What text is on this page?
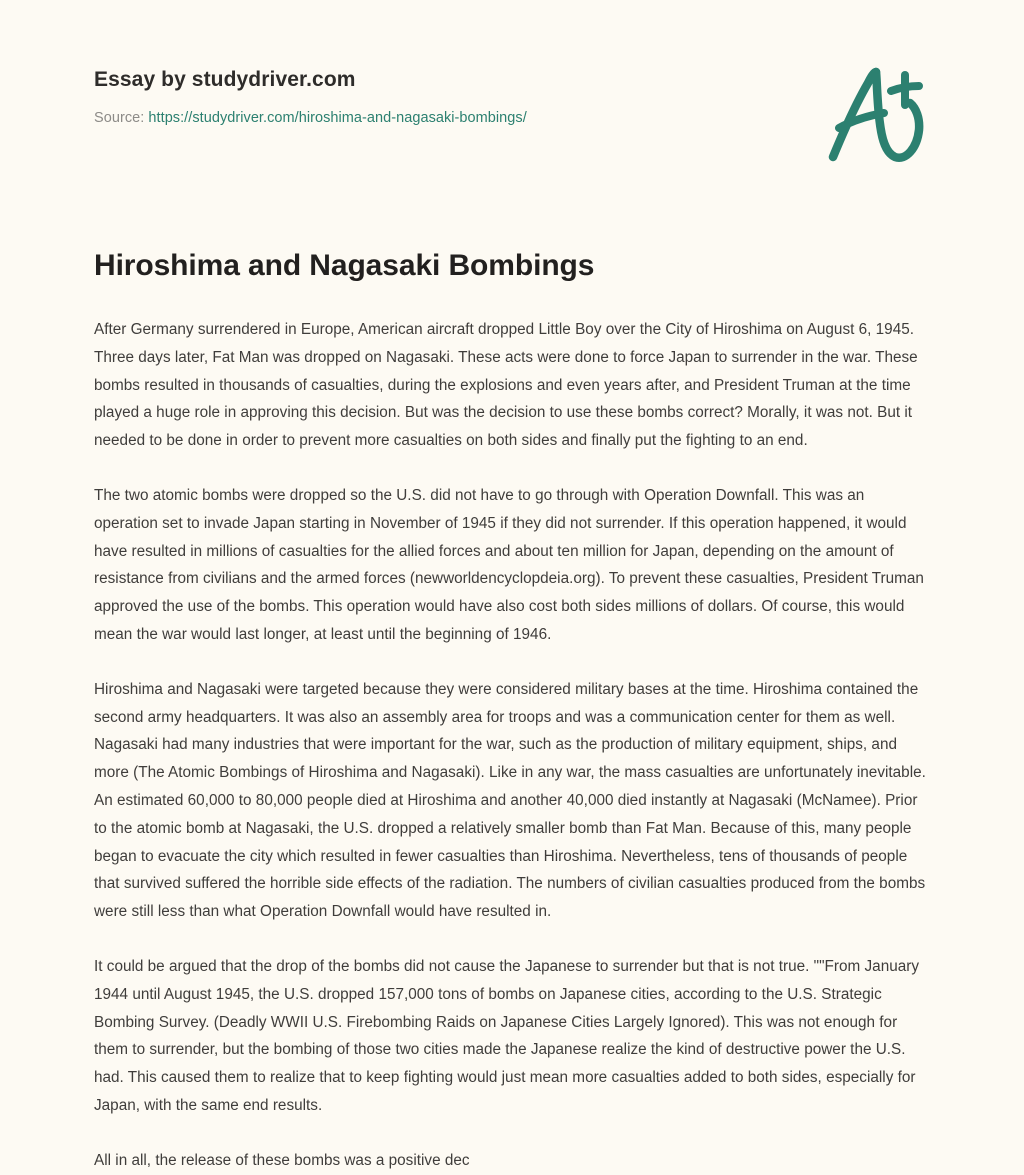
Essay by studydriver.com
Source: https://studydriver.com/hiroshima-and-nagasaki-bombings/
Hiroshima and Nagasaki Bombings

After Germany surrendered in Europe, American aircraft dropped Little Boy over the City of Hiroshima on August 6, 1945. Three days later, Fat Man was dropped on Nagasaki. These acts were done to force Japan to surrender in the war. These bombs resulted in thousands of casualties, during the explosions and even years after, and President Truman at the time played a huge role in approving this decision. But was the decision to use these bombs correct? Morally, it was not. But it needed to be done in order to prevent more casualties on both sides and finally put the fighting to an end.

The two atomic bombs were dropped so the U.S. did not have to go through with Operation Downfall. This was an operation set to invade Japan starting in November of 1945 if they did not surrender. If this operation happened, it would have resulted in millions of casualties for the allied forces and about ten million for Japan, depending on the amount of resistance from civilians and the armed forces (newworldencyclopdeia.org). To prevent these casualties, President Truman approved the use of the bombs. This operation would have also cost both sides millions of dollars. Of course, this would mean the war would last longer, at least until the beginning of 1946.

Hiroshima and Nagasaki were targeted because they were considered military bases at the time. Hiroshima contained the second army headquarters. It was also an assembly area for troops and was a communication center for them as well. Nagasaki had many industries that were important for the war, such as the production of military equipment, ships, and more (The Atomic Bombings of Hiroshima and Nagasaki). Like in any war, the mass casualties are unfortunately inevitable. An estimated 60,000 to 80,000 people died at Hiroshima and another 40,000 died instantly at Nagasaki (McNamee). Prior to the atomic bomb at Nagasaki, the U.S. dropped a relatively smaller bomb than Fat Man. Because of this, many people began to evacuate the city which resulted in fewer casualties than Hiroshima. Nevertheless, tens of thousands of people that survived suffered the horrible side effects of the radiation. The numbers of civilian casualties produced from the bombs were still less than what Operation Downfall would have resulted in.

It could be argued that the drop of the bombs did not cause the Japanese to surrender but that is not true. ""From January 1944 until August 1945, the U.S. dropped 157,000 tons of bombs on Japanese cities, according to the U.S. Strategic Bombing Survey. (Deadly WWII U.S. Firebombing Raids on Japanese Cities Largely Ignored). This was not enough for them to surrender, but the bombing of those two cities made the Japanese realize the kind of destructive power the U.S. had. This caused them to realize that to keep fighting would just mean more casualties added to both sides, especially for Japan, with the same end results.

All in all, the release of these bombs was a positive dec
